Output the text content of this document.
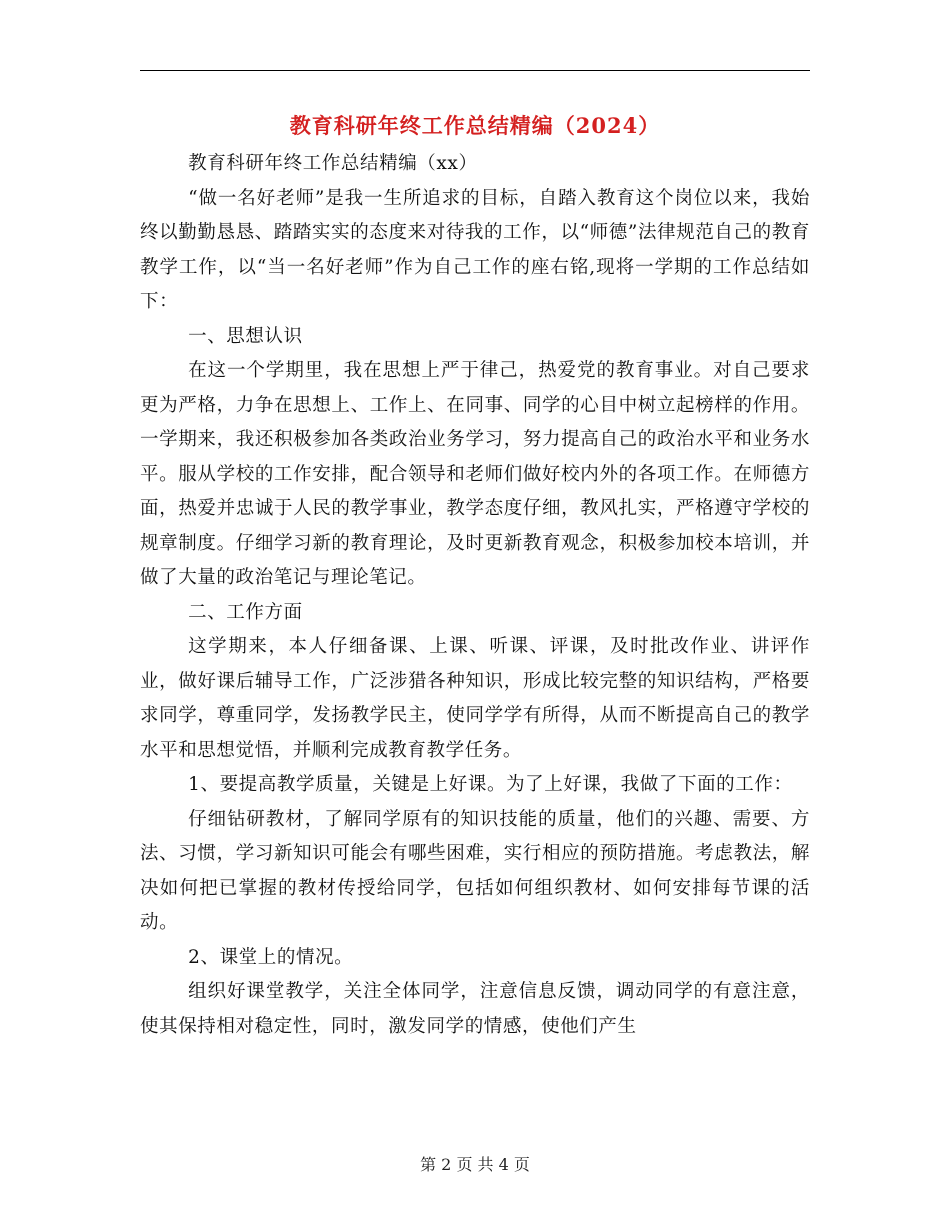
教育科研年终工作总结精编（2024）

教育科研年终工作总结精编（xx）

“做一名好老师”是我一生所追求的目标，自踏入教育这个岗位以来，我始终以勤勤恳恳、踏踏实实的态度来对待我的工作，以“师德”法律规范自己的教育教学工作，以“当一名好老师”作为自己工作的座右铭,现将一学期的工作总结如下：

一、思想认识

在这一个学期里，我在思想上严于律己，热爱党的教育事业。对自己要求更为严格，力争在思想上、工作上、在同事、同学的心目中树立起榜样的作用。一学期来，我还积极参加各类政治业务学习，努力提高自己的政治水平和业务水平。服从学校的工作安排，配合领导和老师们做好校内外的各项工作。在师德方面，热爱并忠诚于人民的教学事业，教学态度仔细，教风扎实，严格遵守学校的规章制度。仔细学习新的教育理论，及时更新教育观念，积极参加校本培训，并做了大量的政治笔记与理论笔记。

二、工作方面

这学期来，本人仔细备课、上课、听课、评课，及时批改作业、讲评作业，做好课后辅导工作，广泛涉猎各种知识，形成比较完整的知识结构，严格要求同学，尊重同学，发扬教学民主，使同学学有所得，从而不断提高自己的教学水平和思想觉悟，并顺利完成教育教学任务。

1、要提高教学质量，关键是上好课。为了上好课，我做了下面的工作：

仔细钻研教材，了解同学原有的知识技能的质量，他们的兴趣、需要、方法、习惯，学习新知识可能会有哪些困难，实行相应的预防措施。考虑教法，解决如何把已掌握的教材传授给同学，包括如何组织教材、如何安排每节课的活动。

2、课堂上的情况。

组织好课堂教学，关注全体同学，注意信息反馈，调动同学的有意注意，使其保持相对稳定性，同时，激发同学的情感，使他们产生

第 2 页 共 4 页
